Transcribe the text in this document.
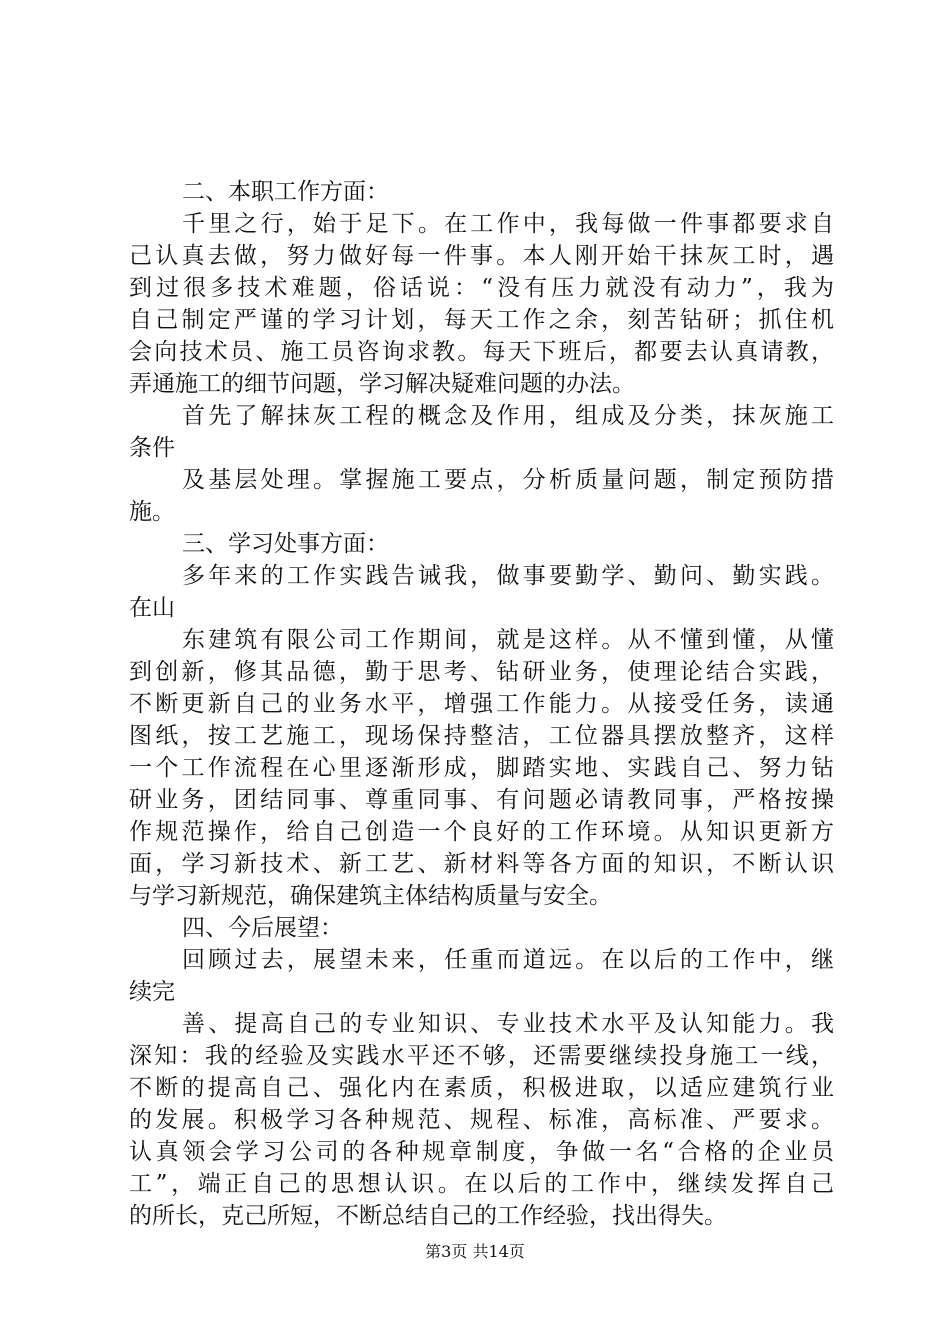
二、本职工作方面：
千里之行，始于足下。在工作中，我每做一件事都要求自
己认真去做，努力做好每一件事。本人刚开始干抹灰工时，遇
到过很多技术难题，俗话说：“没有压力就没有动力”，我为
自己制定严谨的学习计划，每天工作之余，刻苦钻研；抓住机
会向技术员、施工员咨询求教。每天下班后，都要去认真请教，
弄通施工的细节问题，学习解决疑难问题的办法。
首先了解抹灰工程的概念及作用，组成及分类，抹灰施工
条件
及基层处理。掌握施工要点，分析质量问题，制定预防措
施。
三、学习处事方面：
多年来的工作实践告诫我，做事要勤学、勤问、勤实践。
在山
东建筑有限公司工作期间，就是这样。从不懂到懂，从懂
到创新，修其品德，勤于思考、钻研业务，使理论结合实践，
不断更新自己的业务水平，增强工作能力。从接受任务，读通
图纸，按工艺施工，现场保持整洁，工位器具摆放整齐，这样
一个工作流程在心里逐渐形成，脚踏实地、实践自己、努力钻
研业务，团结同事、尊重同事、有问题必请教同事，严格按操
作规范操作，给自己创造一个良好的工作环境。从知识更新方
面，学习新技术、新工艺、新材料等各方面的知识，不断认识
与学习新规范，确保建筑主体结构质量与安全。
四、今后展望：
回顾过去，展望未来，任重而道远。在以后的工作中，继
续完
善、提高自己的专业知识、专业技术水平及认知能力。我
深知：我的经验及实践水平还不够，还需要继续投身施工一线，
不断的提高自己、强化内在素质，积极进取，以适应建筑行业
的发展。积极学习各种规范、规程、标准，高标准、严要求。
认真领会学习公司的各种规章制度，争做一名“合格的企业员
工”，端正自己的思想认识。在以后的工作中，继续发挥自己
的所长，克己所短，不断总结自己的工作经验，找出得失。
第3页 共14页
